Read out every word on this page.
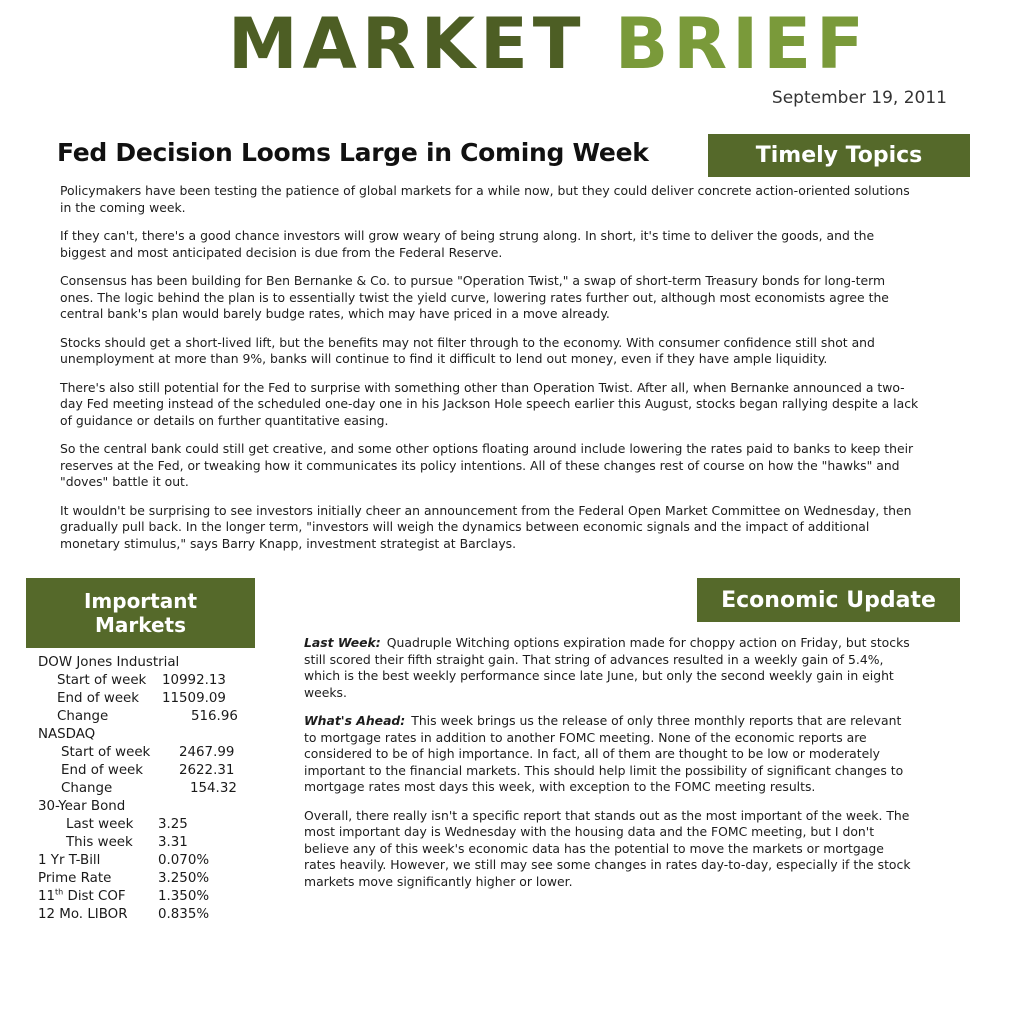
MARKET BRIEF
September 19, 2011
Fed Decision Looms Large in Coming Week	Timely Topics

Policymakers have been testing the patience of global markets for a while now, but they could deliver concrete action-oriented solutions in the coming week.

If they can't, there's a good chance investors will grow weary of being strung along. In short, it's time to deliver the goods, and the biggest and most anticipated decision is due from the Federal Reserve.

Consensus has been building for Ben Bernanke & Co. to pursue "Operation Twist," a swap of short-term Treasury bonds for long-term ones. The logic behind the plan is to essentially twist the yield curve, lowering rates further out, although most economists agree the central bank's plan would barely budge rates, which may have priced in a move already.

Stocks should get a short-lived lift, but the benefits may not filter through to the economy. With consumer confidence still shot and unemployment at more than 9%, banks will continue to find it difficult to lend out money, even if they have ample liquidity.

There's also still potential for the Fed to surprise with something other than Operation Twist. After all, when Bernanke announced a two-day Fed meeting instead of the scheduled one-day one in his Jackson Hole speech earlier this August, stocks began rallying despite a lack of guidance or details on further quantitative easing.

So the central bank could still get creative, and some other options floating around include lowering the rates paid to banks to keep their reserves at the Fed, or tweaking how it communicates its policy intentions. All of these changes rest of course on how the "hawks" and "doves" battle it out.

It wouldn't be surprising to see investors initially cheer an announcement from the Federal Open Market Committee on Wednesday, then gradually pull back. In the longer term, "investors will weigh the dynamics between economic signals and the impact of additional monetary stimulus," says Barry Knapp, investment strategist at Barclays.

Important
Markets
DOW Jones Industrial
Start of week 10992.13
End of week 11509.09
Change	516.96
NASDAQ
Start of week 2467.99
End of week	2622.31
Change	154.32
30-Year Bond
Last week 3.25
This week 3.31
1 Yr T-Bill	0.070%
Prime Rate	3.250%
11th Dist COF 1.350%
12 Mo. LIBOR 0.835%
Economic Update

Last Week: Quadruple Witching options expiration made for choppy action on Friday, but stocks still scored their fifth straight gain. That string of advances resulted in a weekly gain of 5.4%, which is the best weekly performance since late June, but only the second weekly gain in eight weeks.

What's Ahead: This week brings us the release of only three monthly reports that are relevant to mortgage rates in addition to another FOMC meeting. None of the economic reports are considered to be of high importance. In fact, all of them are thought to be low or moderately important to the financial markets. This should help limit the possibility of significant changes to mortgage rates most days this week, with exception to the FOMC meeting results.

Overall, there really isn't a specific report that stands out as the most important of the week. The most important day is Wednesday with the housing data and the FOMC meeting, but I don't believe any of this week's economic data has the potential to move the markets or mortgage rates heavily. However, we still may see some changes in rates day-to-day, especially if the stock markets move significantly higher or lower.
